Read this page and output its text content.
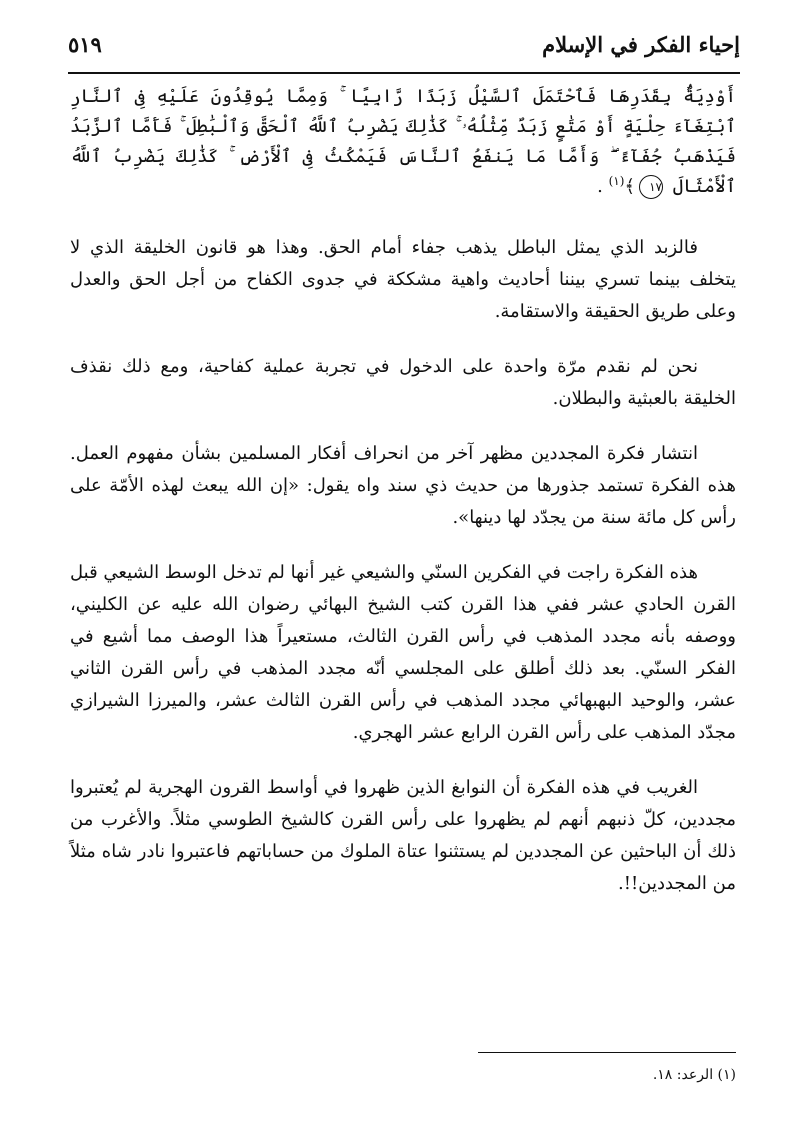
إحياء الفكر في الإسلام
٥١٩

أَوْدِيَةٌۢ بِقَدَرِهَا فَٱحْتَمَلَ ٱلسَّيْلُ زَبَدًا رَّابِيًا ۚ وَمِمَّا يُوقِدُونَ عَلَيْهِ فِى ٱلنَّارِ ٱبْتِغَآءَ حِلْيَةٍ أَوْ مَتَٰعٍ زَبَدٌ مِّثْلُهُۥ ۚ كَذَٰلِكَ يَضْرِبُ ٱللَّهُ ٱلْحَقَّ وَٱلْبَٰطِلَ ۚ فَأَمَّا ٱلزَّبَدُ فَيَذْهَبُ جُفَآءً ۖ وَأَمَّا مَا يَنفَعُ ٱلنَّاسَ فَيَمْكُثُ فِى ٱلْأَرْضِ ۚ كَذَٰلِكَ يَضْرِبُ ٱللَّهُ ٱلْأَمْثَالَ ١٧﴾$^{(١)}$ .

فالزبد الذي يمثل الباطل يذهب جفاء أمام الحق. وهذا هو قانون الخليقة الذي لا يتخلف بينما تسري بيننا أحاديث واهية مشككة في جدوى الكفاح من أجل الحق والعدل وعلى طريق الحقيقة والاستقامة.

نحن لم نقدم مرّة واحدة على الدخول في تجربة عملية كفاحية، ومع ذلك نقذف الخليقة بالعبثية والبطلان.

انتشار فكرة المجددين مظهر آخر من انحراف أفكار المسلمين بشأن مفهوم العمل. هذه الفكرة تستمد جذورها من حديث ذي سند واه يقول: «إن الله يبعث لهذه الأمّة على رأس كل مائة سنة من يجدّد لها دينها».

هذه الفكرة راجت في الفكرين السنّي والشيعي غير أنها لم تدخل الوسط الشيعي قبل القرن الحادي عشر ففي هذا القرن كتب الشيخ البهائي رضوان الله عليه عن الكليني، ووصفه بأنه مجدد المذهب في رأس القرن الثالث، مستعيراً هذا الوصف مما أشيع في الفكر السنّي. بعد ذلك أطلق على المجلسي أنّه مجدد المذهب في رأس القرن الثاني عشر، والوحيد البهبهائي مجدد المذهب في رأس القرن الثالث عشر، والميرزا الشيرازي مجدّد المذهب على رأس القرن الرابع عشر الهجري.

الغريب في هذه الفكرة أن النوابغ الذين ظهروا في أواسط القرون الهجرية لم يُعتبروا مجددين، كلّ ذنبهم أنهم لم يظهروا على رأس القرن كالشيخ الطوسي مثلاً. والأغرب من ذلك أن الباحثين عن المجددين لم يستثنوا عتاة الملوك من حساباتهم فاعتبروا نادر شاه مثلاً من المجددين!!.

(١) الرعد: ١٨.
